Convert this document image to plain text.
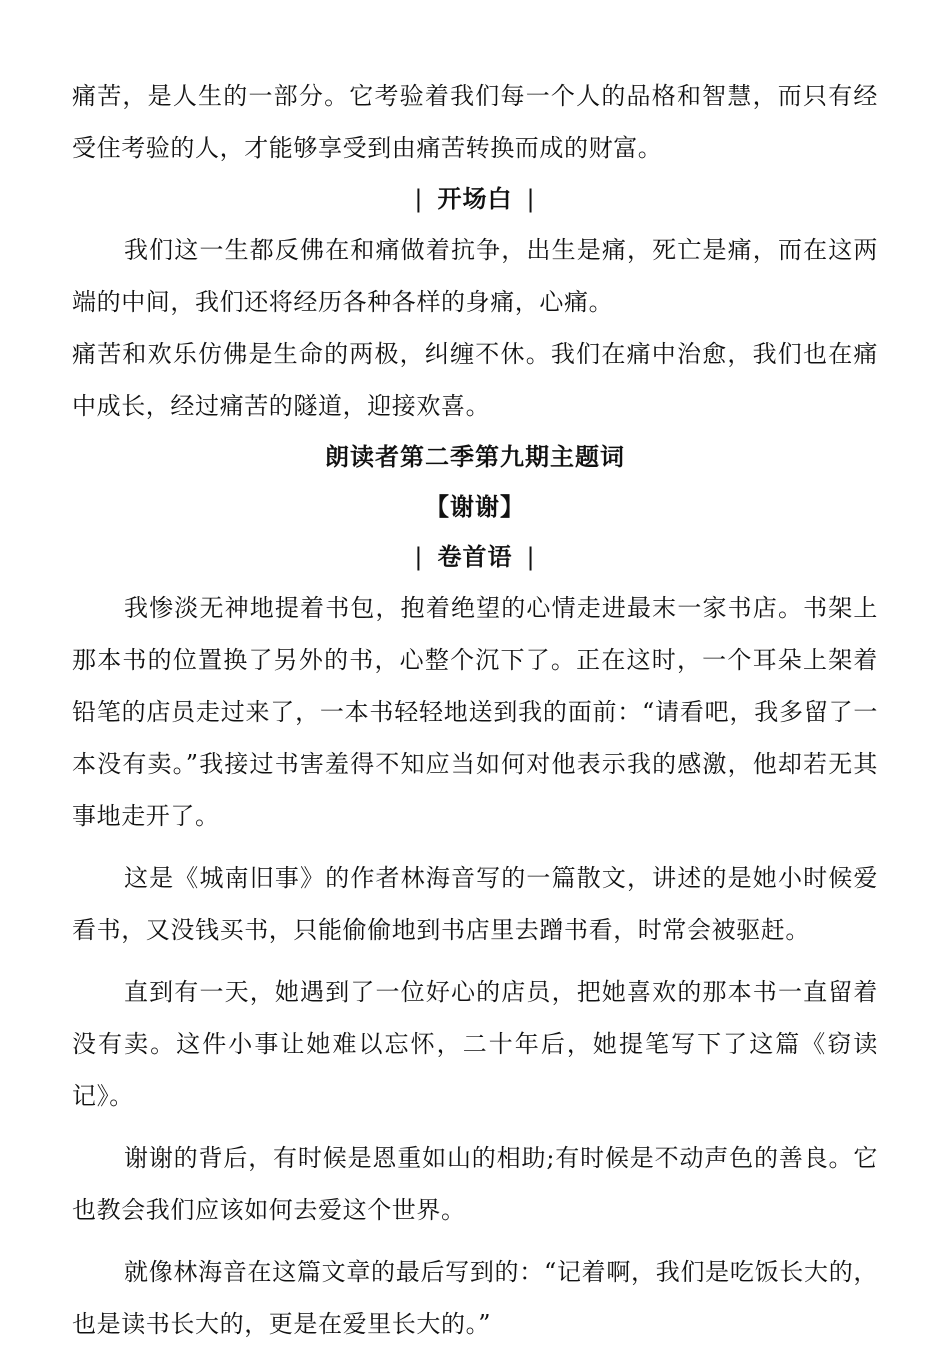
痛苦，是人生的一部分。它考验着我们每一个人的品格和智慧，而只有经受住考验的人，才能够享受到由痛苦转换而成的财富。

| 开场白 |

我们这一生都反佛在和痛做着抗争，出生是痛，死亡是痛，而在这两端的中间，我们还将经历各种各样的身痛，心痛。

痛苦和欢乐仿佛是生命的两极，纠缠不休。我们在痛中治愈，我们也在痛中成长，经过痛苦的隧道，迎接欢喜。

朗读者第二季第九期主题词
【谢谢】
| 卷首语 |

我惨淡无神地提着书包，抱着绝望的心情走进最末一家书店。书架上那本书的位置换了另外的书，心整个沉下了。正在这时，一个耳朵上架着铅笔的店员走过来了，一本书轻轻地送到我的面前：“请看吧，我多留了一本没有卖。”我接过书害羞得不知应当如何对他表示我的感激，他却若无其事地走开了。

这是《城南旧事》的作者林海音写的一篇散文，讲述的是她小时候爱看书，又没钱买书，只能偷偷地到书店里去蹭书看，时常会被驱赶。

直到有一天，她遇到了一位好心的店员，把她喜欢的那本书一直留着没有卖。这件小事让她难以忘怀，二十年后，她提笔写下了这篇《窃读记》。

谢谢的背后，有时候是恩重如山的相助;有时候是不动声色的善良。它也教会我们应该如何去爱这个世界。

就像林海音在这篇文章的最后写到的：“记着啊，我们是吃饭长大的，也是读书长大的，更是在爱里长大的。”
